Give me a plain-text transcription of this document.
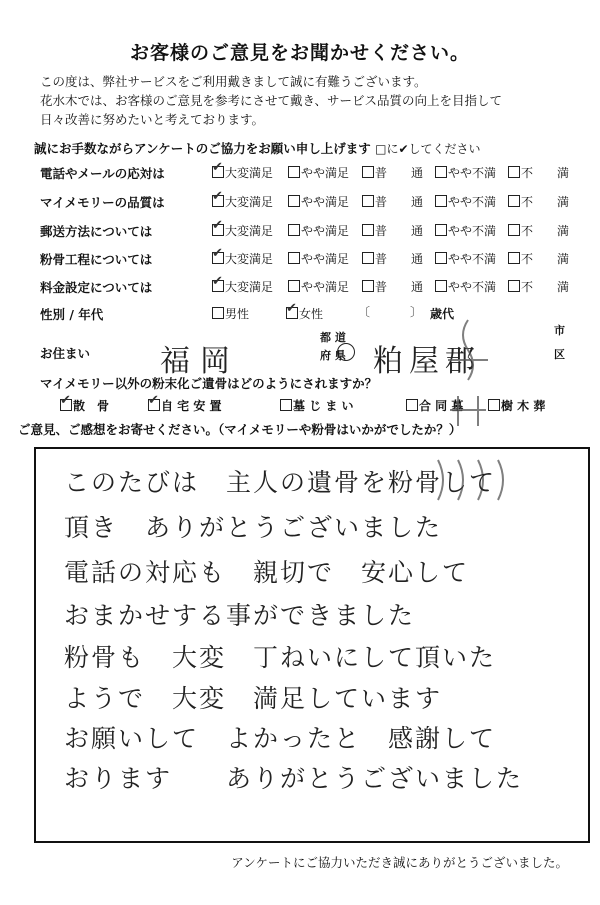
お客様のご意見をお聞かせください。
この度は、弊社サービスをご利用戴きまして誠に有難うございます。
花水木では、お客様のご意見を参考にさせて戴き、サービス品質の向上を目指して
日々改善に努めたいと考えております。
誠にお手数ながらアンケートのご協力をお願い申し上げます □に✔してください
電話やメールの応対は ✔	大変満足	やや満足	普　　通	やや不満	不　　満
マイメモリーの品質は ✔	大変満足	やや満足	普　　通	やや不満	不　　満
郵送方法については ✔	大変満足	やや満足	普　　通	やや不満	不　　満
粉骨工程については ✔	大変満足	やや満足	普　　通	やや不満	不　　満
料金設定については ✔	大変満足	やや満足	普　　通	やや不満	不　　満
性別 / 年代	男性 ✔	女性	〔	〕 歳代
お住まい 福岡
都 道
府 県 粕屋郡
市
区
マイメモリー以外の粉末化ご遺骨はどのようにされますか？
✔散　骨 ✔	自 宅 安 置	墓 じ ま い	合 同 墓	樹 木 葬
ご意見、ご感想をお寄せください。（マイメモリーや粉骨はいかがでしたか？）
このたびは　主人の遺骨を粉骨して
頂き　ありがとうございました
電話の対応も　親切で　安心して
おまかせする事ができました
粉骨も　大変　丁ねいにして頂いた
ようで　大変　満足しています
お願いして　よかったと　感謝して
おります　　ありがとうございました
アンケートにご協力いただき誠にありがとうございました。
